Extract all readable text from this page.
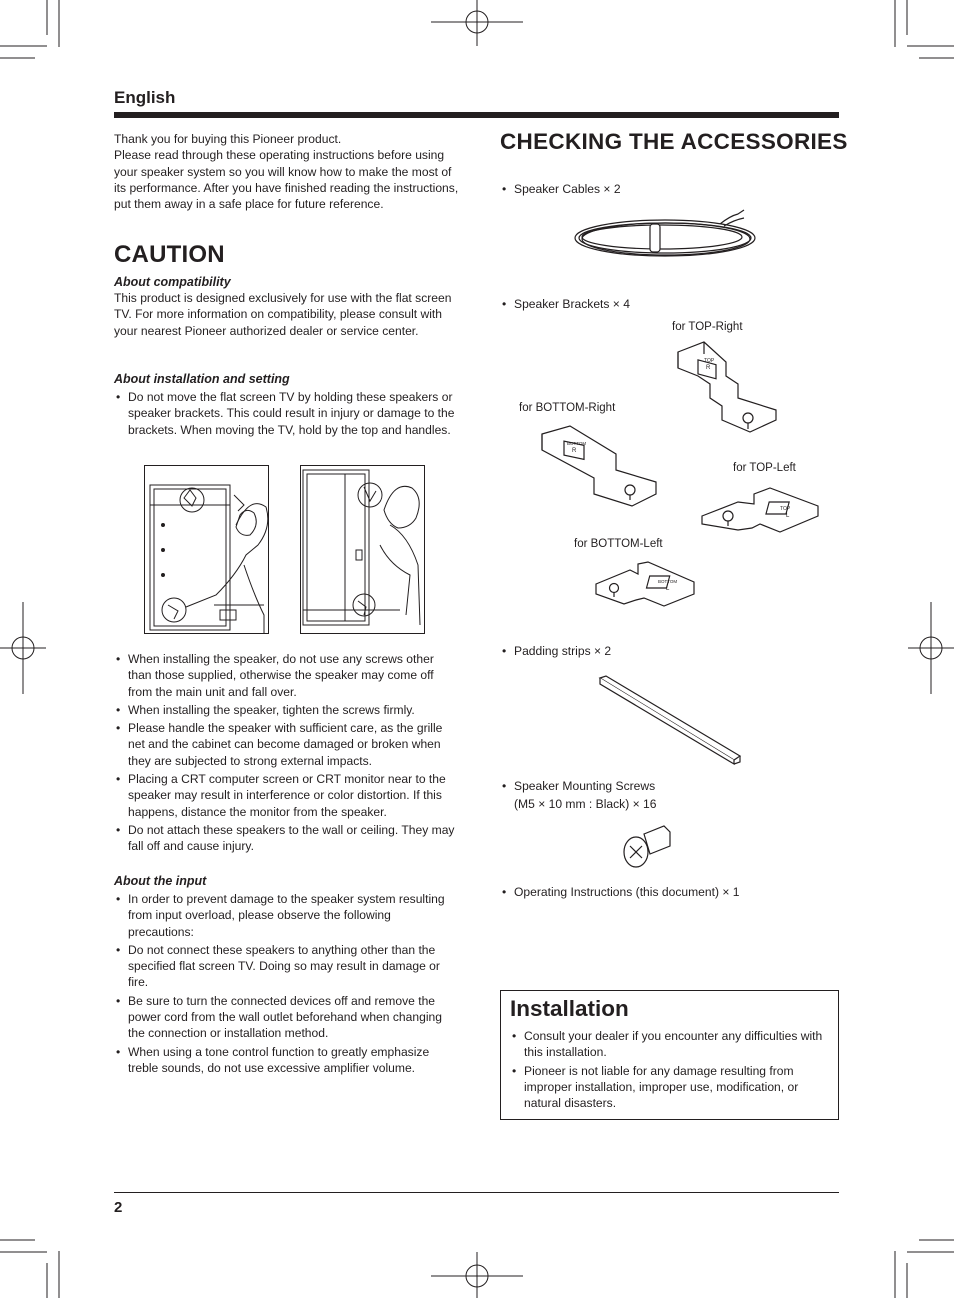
English
Thank you for buying this Pioneer product.
Please read through these operating instructions before using your speaker system so you will know how to make the most of its performance. After you have finished reading the instructions, put them away in a safe place for future reference.
CAUTION
About compatibility
This product is designed exclusively for use with the flat screen TV. For more information on compatibility, please consult with your nearest Pioneer authorized dealer or service center.
About installation and setting
• Do not move the flat screen TV by holding these speakers or speaker brackets. This could result in injury or damage to the brackets. When moving the TV, hold by the top and handles.
• When installing the speaker, do not use any screws other than those supplied, otherwise the speaker may come off from the main unit and fall over.
• When installing the speaker, tighten the screws firmly.
• Please handle the speaker with sufficient care, as the grille net and the cabinet can become damaged or broken when they are subjected to strong external impacts.
• Placing a CRT computer screen or CRT monitor near to the speaker may result in interference or color distortion. If this happens, distance the monitor from the speaker.
• Do not attach these speakers to the wall or ceiling. They may fall off and cause injury.
About the input
• In order to prevent damage to the speaker system resulting from input overload, please observe the following precautions:
• Do not connect these speakers to anything other than the specified flat screen TV. Doing so may result in damage or fire.
• Be sure to turn the connected devices off and remove the power cord from the wall outlet beforehand when changing the connection or installation method.
• When using a tone control function to greatly emphasize treble sounds, do not use excessive amplifier volume.
CHECKING THE ACCESSORIES
• Speaker Cables × 2
• Speaker Brackets × 4
for TOP-Right
TOP
R
for BOTTOM-Right
BOTTOM
R
for TOP-Left
TOP
L
for BOTTOM-Left
BOTTOM
L
• Padding strips × 2
• Speaker Mounting Screws
(M5 × 10 mm : Black) × 16
• Operating Instructions (this document) × 1
Installation
• Consult your dealer if you encounter any difficulties with this installation.
• Pioneer is not liable for any damage resulting from improper installation, improper use, modification, or natural disasters.
2
